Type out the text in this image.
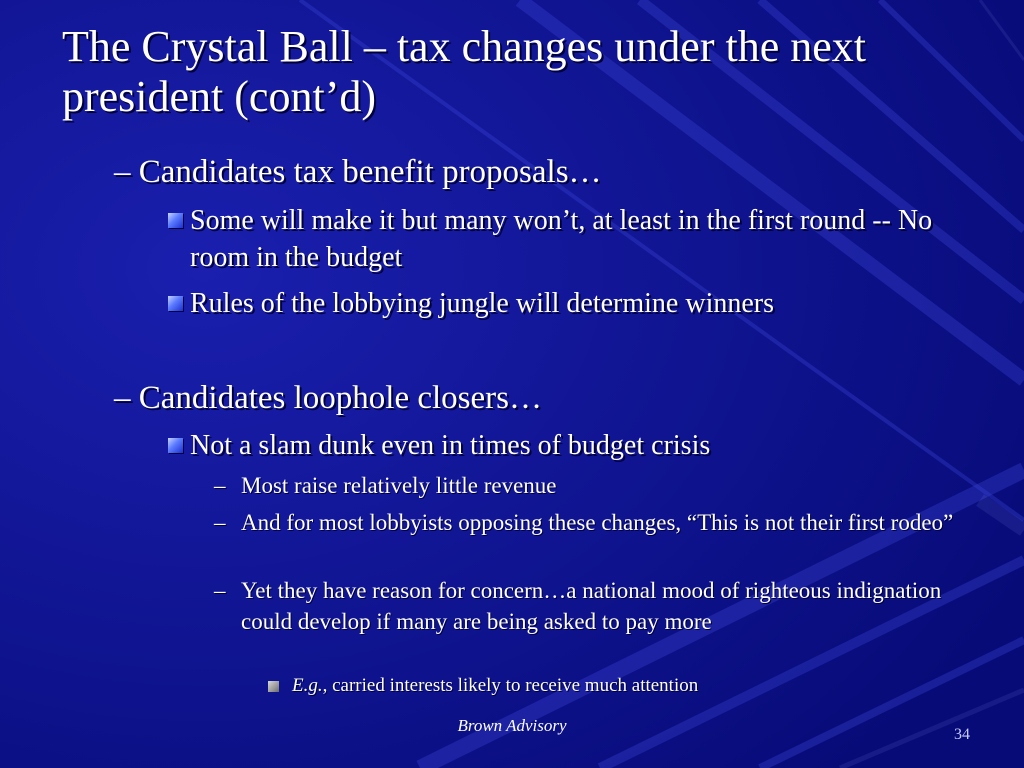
The Crystal Ball – tax changes under the next president (cont’d)
– Candidates tax benefit proposals…
Some will make it but many won’t, at least in the first round -- No room in the budget
Rules of the lobbying jungle will determine winners
– Candidates loophole closers…
Not a slam dunk even in times of budget crisis
– Most raise relatively little revenue
– And for most lobbyists opposing these changes, “This is not their first rodeo”
– Yet they have reason for concern…a national mood of righteous indignation could develop if many are being asked to pay more
E.g., carried interests likely to receive much attention
Brown Advisory	34
